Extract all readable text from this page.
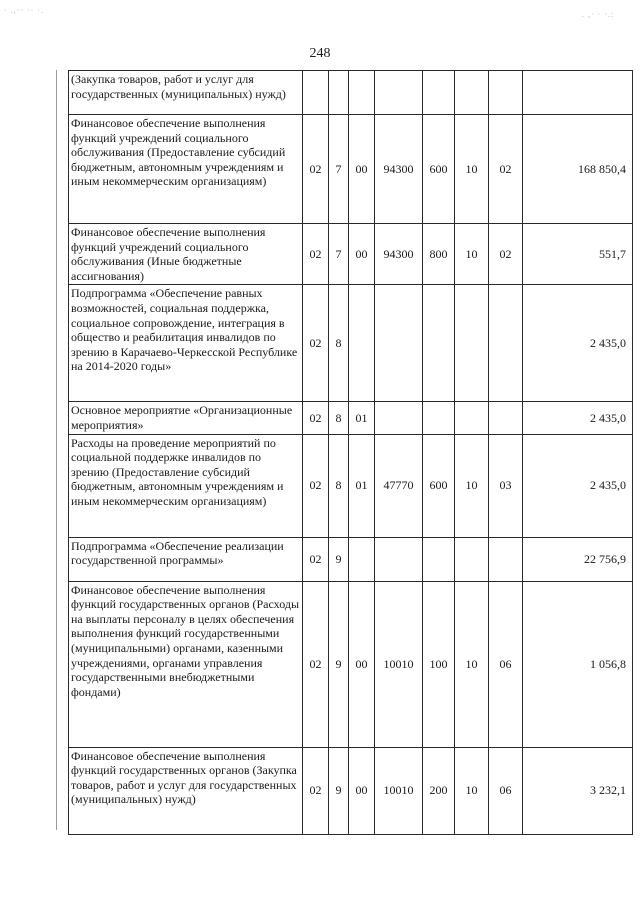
· .,·· ·· ·.	. ,· · ·.:
248
(Закупка товаров, работ и услуг для государственных (муниципальных) нужд)								
Финансовое обеспечение выполнения функций учреждений социального обслуживания (Предоставление субсидий бюджетным, автономным учреждениям и иным некоммерческим организациям)	02	7	00	94300	600	10	02	168 850,4
Финансовое обеспечение выполнения функций учреждений социального обслуживания (Иные бюджетные ассигнования)	02	7	00	94300	800	10	02	551,7
Подпрограмма «Обеспечение равных возможностей, социальная поддержка, социальное сопровождение, интеграция в общество и реабилитация инвалидов по зрению в Карачаево-Черкесской Республике на 2014-2020 годы»	02	8						2 435,0
Основное мероприятие «Организационные мероприятия»	02	8	01					2 435,0
Расходы на проведение мероприятий по социальной поддержке инвалидов по зрению (Предоставление субсидий бюджетным, автономным учреждениям и иным некоммерческим организациям)	02	8	01	47770	600	10	03	2 435,0
Подпрограмма «Обеспечение реализации государственной программы»	02	9						22 756,9
Финансовое обеспечение выполнения функций государственных органов (Расходы на выплаты персоналу в целях обеспечения выполнения функций государственными (муниципальными) органами, казенными учреждениями, органами управления государственными внебюджетными фондами)	02	9	00	10010	100	10	06	1 056,8
Финансовое обеспечение выполнения функций государственных органов (Закупка товаров, работ и услуг для государственных (муниципальных) нужд)	02	9	00	10010	200	10	06	3 232,1
